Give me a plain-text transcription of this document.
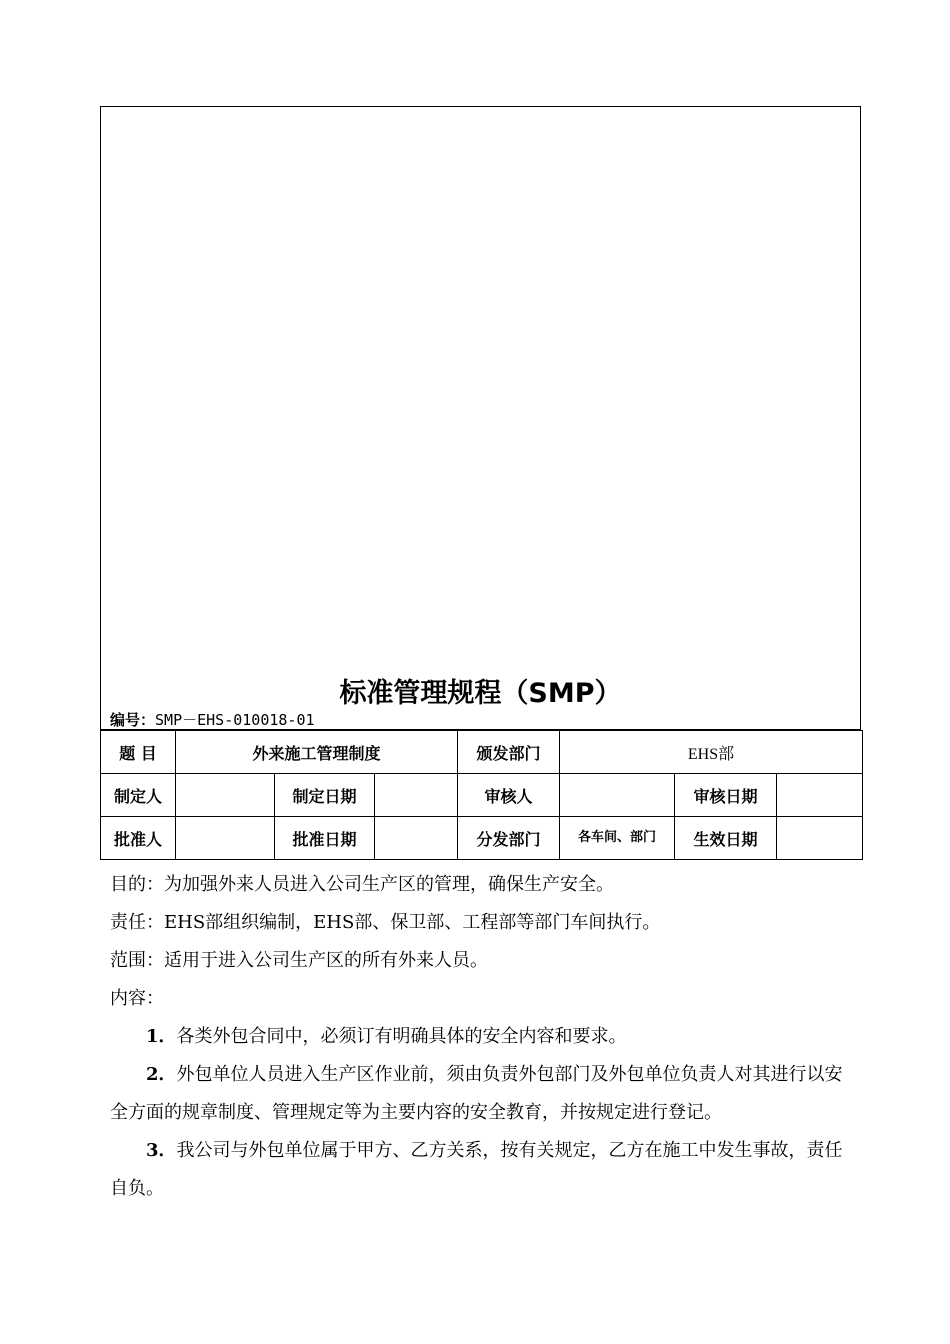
标准管理规程（SMP）
编号：SMP－EHS-010018-01
题 目	外来施工管理制度			颁发部门	EHS部		
制定人		制定日期		审核人		审核日期	
批准人		批准日期		分发部门	各车间、部门	生效日期	

目的：为加强外来人员进入公司生产区的管理，确保生产安全。

责任：EHS部组织编制，EHS部、保卫部、工程部等部门车间执行。

范围：适用于进入公司生产区的所有外来人员。

内容：

1．各类外包合同中，必须订有明确具体的安全内容和要求。

2．外包单位人员进入生产区作业前，须由负责外包部门及外包单位负责人对其进行以安全方面的规章制度、管理规定等为主要内容的安全教育，并按规定进行登记。

3．我公司与外包单位属于甲方、乙方关系，按有关规定，乙方在施工中发生事故，责任自负。
